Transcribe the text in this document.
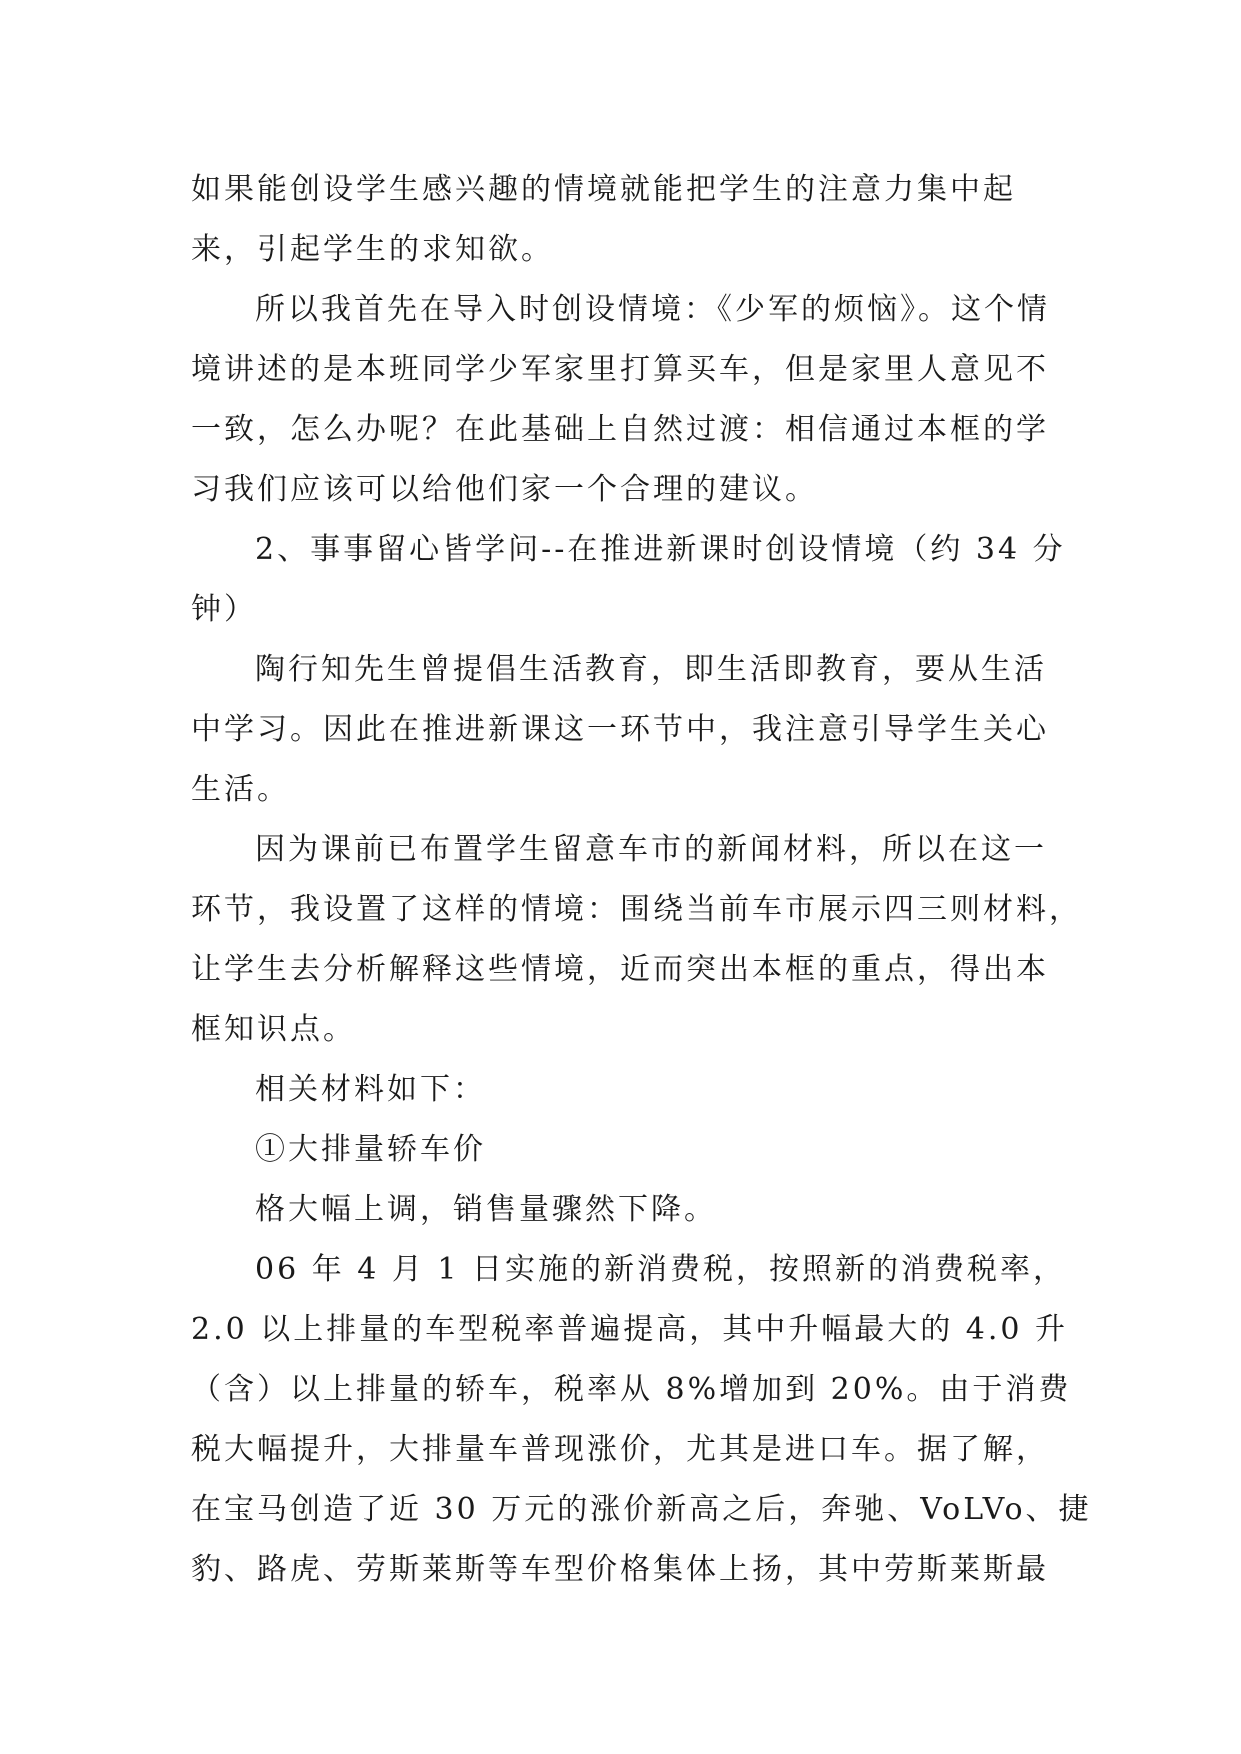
如果能创设学生感兴趣的情境就能把学生的注意力集中起
来，引起学生的求知欲。

所以我首先在导入时创设情境：《少军的烦恼》。这个情
境讲述的是本班同学少军家里打算买车，但是家里人意见不
一致，怎么办呢？在此基础上自然过渡：相信通过本框的学
习我们应该可以给他们家一个合理的建议。

2、事事留心皆学问--在推进新课时创设情境（约 34 分
钟）

陶行知先生曾提倡生活教育，即生活即教育，要从生活
中学习。因此在推进新课这一环节中，我注意引导学生关心
生活。

因为课前已布置学生留意车市的新闻材料，所以在这一
环节，我设置了这样的情境：围绕当前车市展示四三则材料，
让学生去分析解释这些情境，近而突出本框的重点，得出本
框知识点。

相关材料如下：

①大排量轿车价

格大幅上调，销售量骤然下降。

06 年 4 月 1 日实施的新消费税，按照新的消费税率，
2.0 以上排量的车型税率普遍提高，其中升幅最大的 4.0 升
（含）以上排量的轿车，税率从 8%增加到 20%。由于消费
税大幅提升，大排量车普现涨价，尤其是进口车。据了解，
在宝马创造了近 30 万元的涨价新高之后，奔驰、VoLVo、捷
豹、路虎、劳斯莱斯等车型价格集体上扬，其中劳斯莱斯最
